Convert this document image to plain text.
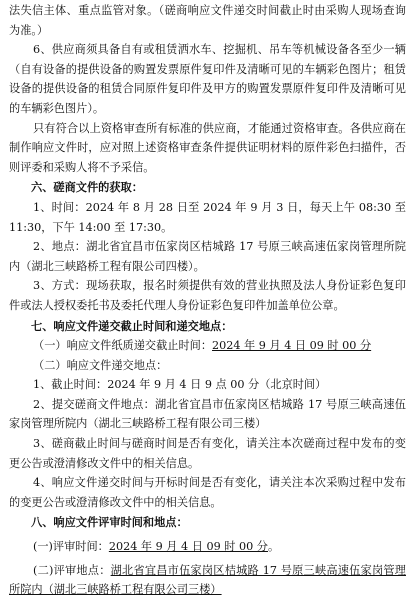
法失信主体、重点监管对象。（磋商响应文件递交时间截止时由采购人现场查询为准。）

6、供应商须具备自有或租赁洒水车、挖掘机、吊车等机械设备各至少一辆（自有设备的提供设备的购置发票原件复印件及清晰可见的车辆彩色图片；租赁设备的提供设备的租赁合同原件复印件及甲方的购置发票原件复印件及清晰可见的车辆彩色图片）。

只有符合以上资格审查所有标准的供应商，才能通过资格审查。各供应商在制作响应文件时，应对照上述资格审查条件提供证明材料的原件彩色扫描件，否则评委和采购人将不予采信。

六、磋商文件的获取：

1、时间：2024 年 8 月 28 日至 2024 年 9 月 3 日，每天上午 08:30 至 11:30，下午 14:00 至 17:30。

2、地点：湖北省宜昌市伍家岗区桔城路 17 号原三峡高速伍家岗管理所院内（湖北三峡路桥工程有限公司四楼）。

3、方式：现场获取，报名时须提供有效的营业执照及法人身份证彩色复印件或法人授权委托书及委托代理人身份证彩色复印件加盖单位公章。

七、响应文件递交截止时间和递交地点：

（一）响应文件纸质递交截止时间：2024 年 9 月 4 日 09 时 00 分

（二）响应文件递交地点：

1、截止时间：2024 年 9 月 4 日 9 点 00 分（北京时间）

2、提交磋商文件地点：湖北省宜昌市伍家岗区桔城路 17 号原三峡高速伍家岗管理所院内（湖北三峡路桥工程有限公司三楼）

3、磋商截止时间与磋商时间是否有变化，请关注本次磋商过程中发布的变更公告或澄清修改文件中的相关信息。

4、响应文件递交时间与开标时间是否有变化，请关注本次采购过程中发布的变更公告或澄清修改文件中的相关信息。

八、响应文件评审时间和地点：

(一)评审时间：2024 年 9 月 4 日 09 时 00 分。

(二)评审地点：湖北省宜昌市伍家岗区桔城路 17 号原三峡高速伍家岗管理所院内（湖北三峡路桥工程有限公司三楼）
